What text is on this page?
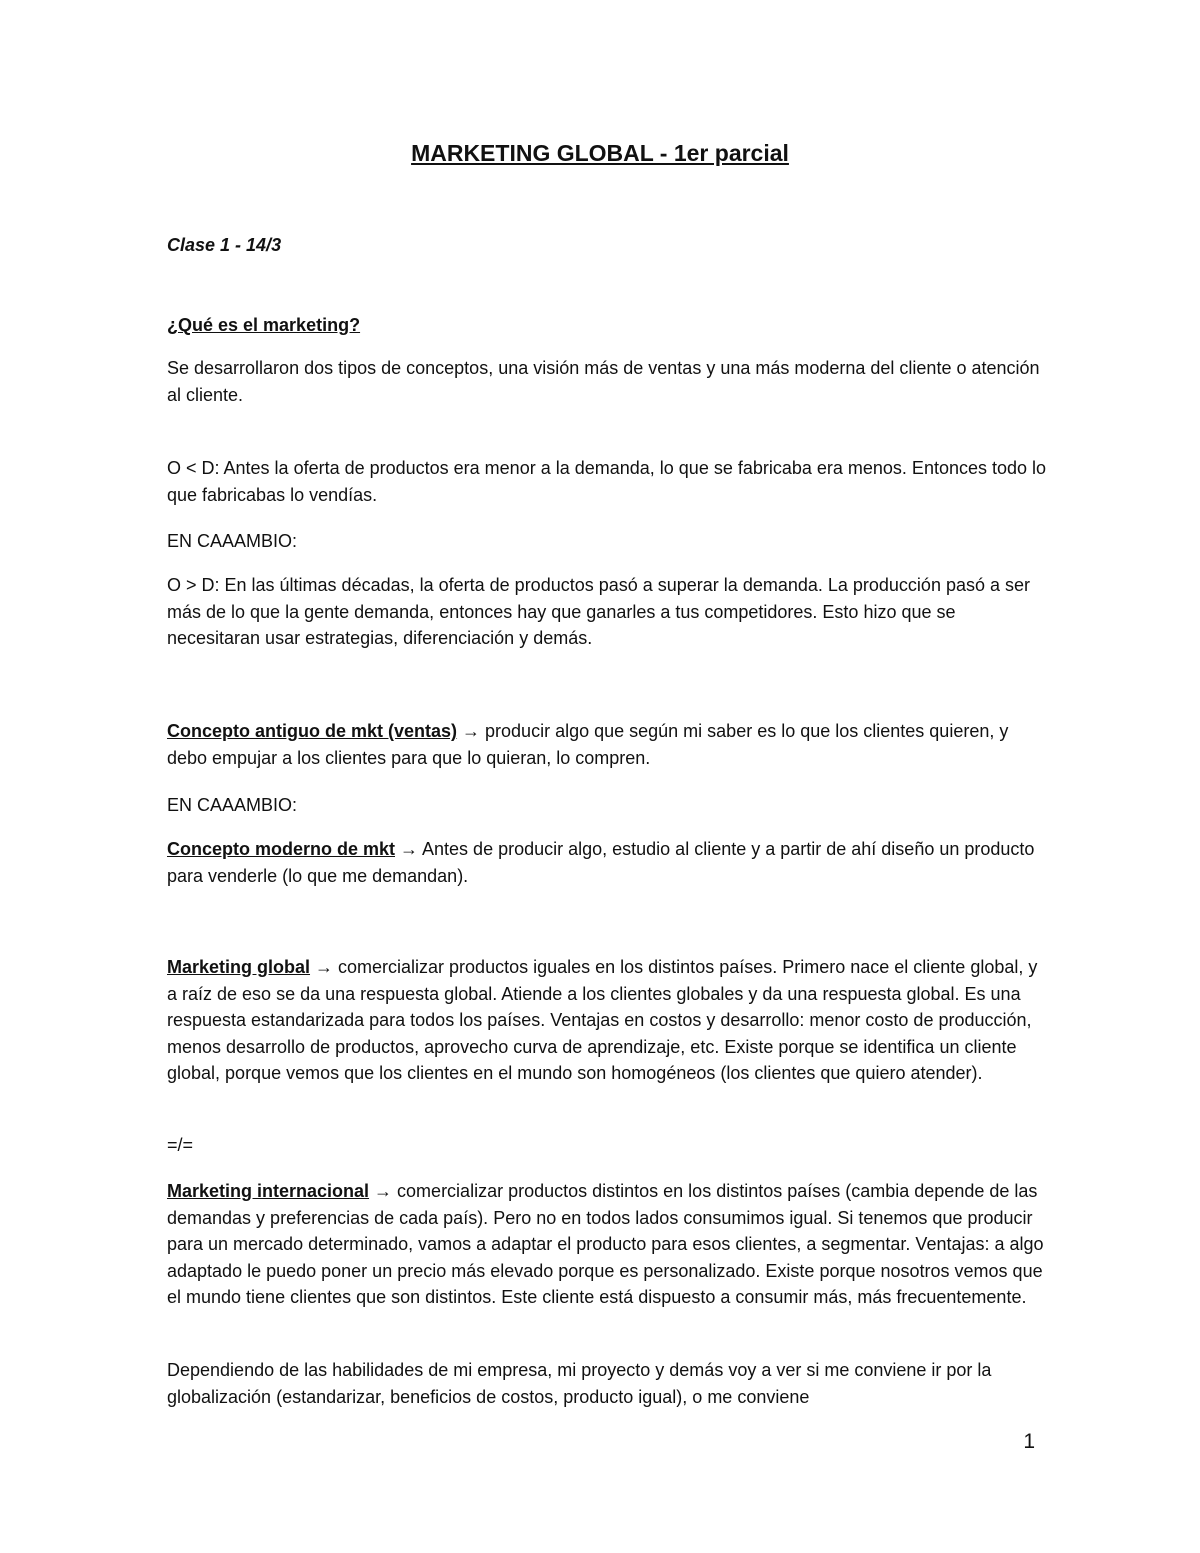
MARKETING GLOBAL - 1er parcial

Clase 1 - 14/3

¿Qué es el marketing?

Se desarrollaron dos tipos de conceptos, una visión más de ventas y una más moderna del cliente o atención al cliente.

O < D: Antes la oferta de productos era menor a la demanda, lo que se fabricaba era menos. Entonces todo lo que fabricabas lo vendías.

EN CAAAMBIO:

O > D: En las últimas décadas, la oferta de productos pasó a superar la demanda. La producción pasó a ser más de lo que la gente demanda, entonces hay que ganarles a tus competidores. Esto hizo que se necesitaran usar estrategias, diferenciación y demás.

Concepto antiguo de mkt (ventas) → producir algo que según mi saber es lo que los clientes quieren, y debo empujar a los clientes para que lo quieran, lo compren.

EN CAAAMBIO:

Concepto moderno de mkt → Antes de producir algo, estudio al cliente y a partir de ahí diseño un producto para venderle (lo que me demandan).

Marketing global → comercializar productos iguales en los distintos países. Primero nace el cliente global, y a raíz de eso se da una respuesta global. Atiende a los clientes globales y da una respuesta global. Es una respuesta estandarizada para todos los países. Ventajas en costos y desarrollo: menor costo de producción, menos desarrollo de productos, aprovecho curva de aprendizaje, etc. Existe porque se identifica un cliente global, porque vemos que los clientes en el mundo son homogéneos (los clientes que quiero atender).

=/=

Marketing internacional → comercializar productos distintos en los distintos países (cambia depende de las demandas y preferencias de cada país). Pero no en todos lados consumimos igual. Si tenemos que producir para un mercado determinado, vamos a adaptar el producto para esos clientes, a segmentar. Ventajas: a algo adaptado le puedo poner un precio más elevado porque es personalizado. Existe porque nosotros vemos que el mundo tiene clientes que son distintos. Este cliente está dispuesto a consumir más, más frecuentemente.

Dependiendo de las habilidades de mi empresa, mi proyecto y demás voy a ver si me conviene ir por la globalización (estandarizar, beneficios de costos, producto igual), o me conviene

1
